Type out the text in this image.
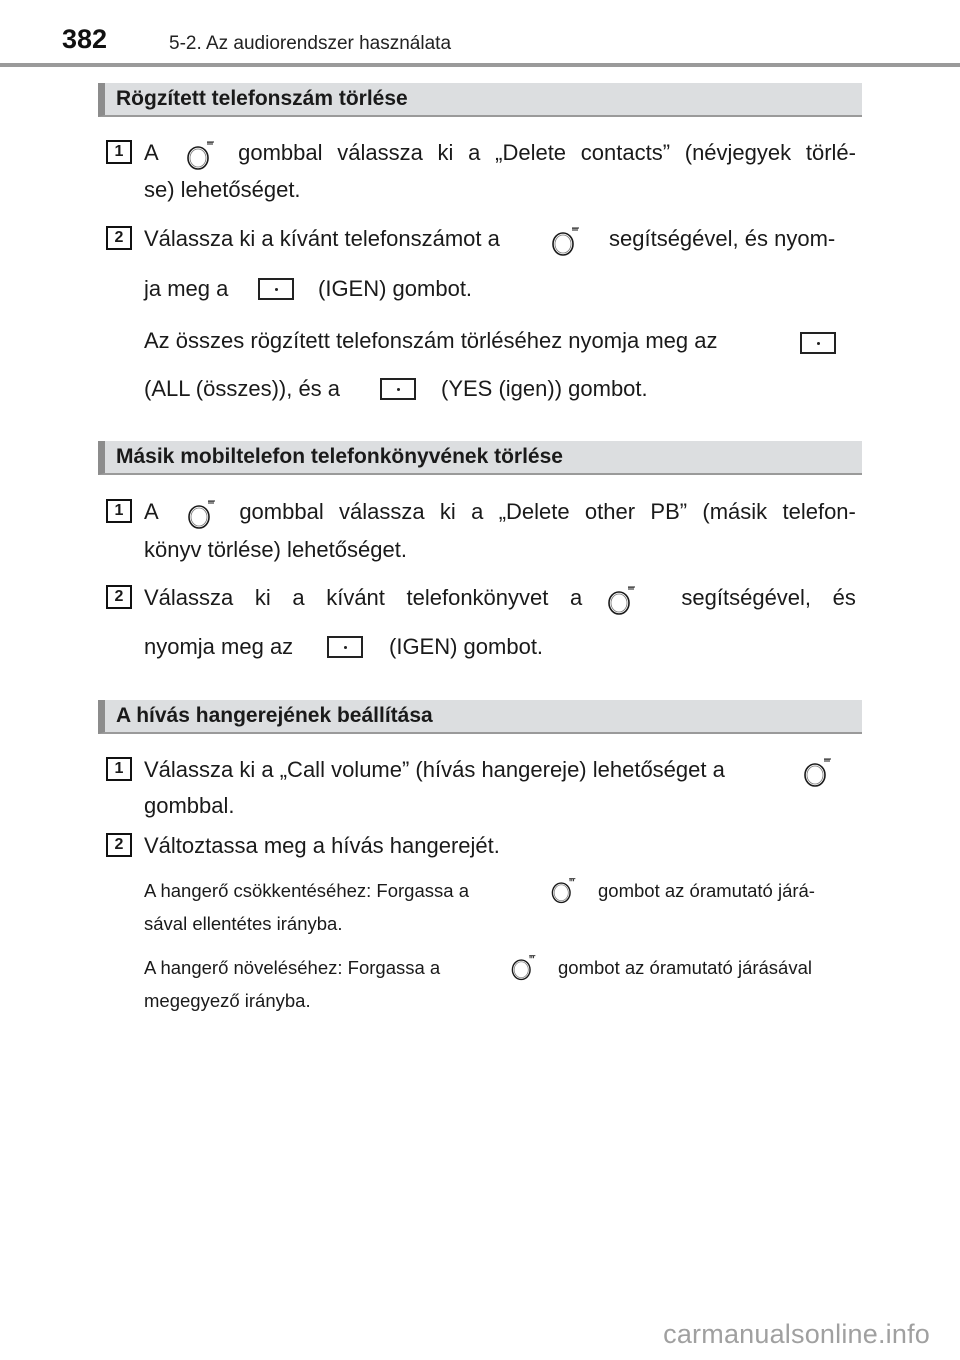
382	5-2. Az audiorendszer használata
Rögzített telefonszám törlése
1 A	gombbal válassza ki a „Delete contacts” (névjegyek törlé-
se) lehetőséget.
2 Válassza ki a kívánt telefonszámot a	segítségével, és nyom-
ja meg a	(IGEN) gombot.
Az összes rögzített telefonszám törléséhez nyomja meg az
(ALL (összes)), és a	(YES (igen)) gombot.
Másik mobiltelefon telefonkönyvének törlése
1 A	gombbal válassza ki a „Delete other PB” (másik telefon-
könyv törlése) lehetőséget.
2 Válassza ki a kívánt telefonkönyvet a	segítségével, és
nyomja meg az	(IGEN) gombot.
A hívás hangerejének beállítása
1 Válassza ki a „Call volume” (hívás hangereje) lehetőséget a
gombbal.
2 Változtassa meg a hívás hangerejét.
A hangerő csökkentéséhez: Forgassa a	gombot az óramutató járá-
sával ellentétes irányba.
A hangerő növeléséhez: Forgassa a	gombot az óramutató járásával
megegyező irányba.
carmanualsonline.info
